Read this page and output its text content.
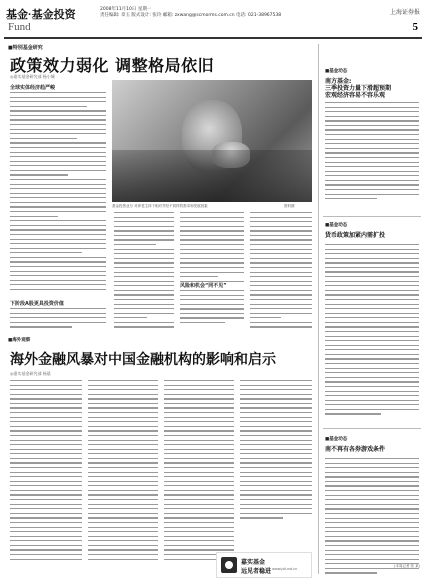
基金·基金投资
Fund
2008年11月10日 星期一
责任编辑: 章玉 版式设计: 张玲 邮箱: zxwang@scmorms.com.cn 电话: 021-38967538	上海证券报
5
■特别基金研究
政策效力弱化 调整格局依旧
◎嘉实基金研究部 杨小城
全球实体经济趋严峻
下阶段A股更具投资价值
基金投资业分 对养老主持下相对并经不同样的需求和发展因素	资料图
风险和机会“同不见”
■海外观察
海外金融风暴对中国金融机构的影响和启示
◎嘉实基金研究部 杨晨
嘉实基金
远见者稳进 www.jsfund.cn
■基金动态
南方基金:
三季投资力量下滑超预期
宏观经济容易不容乐观
■基金动态
货币政策加紧内需扩投
■基金动态
南不再有各券游戏条件
(本周记者 张 某)
